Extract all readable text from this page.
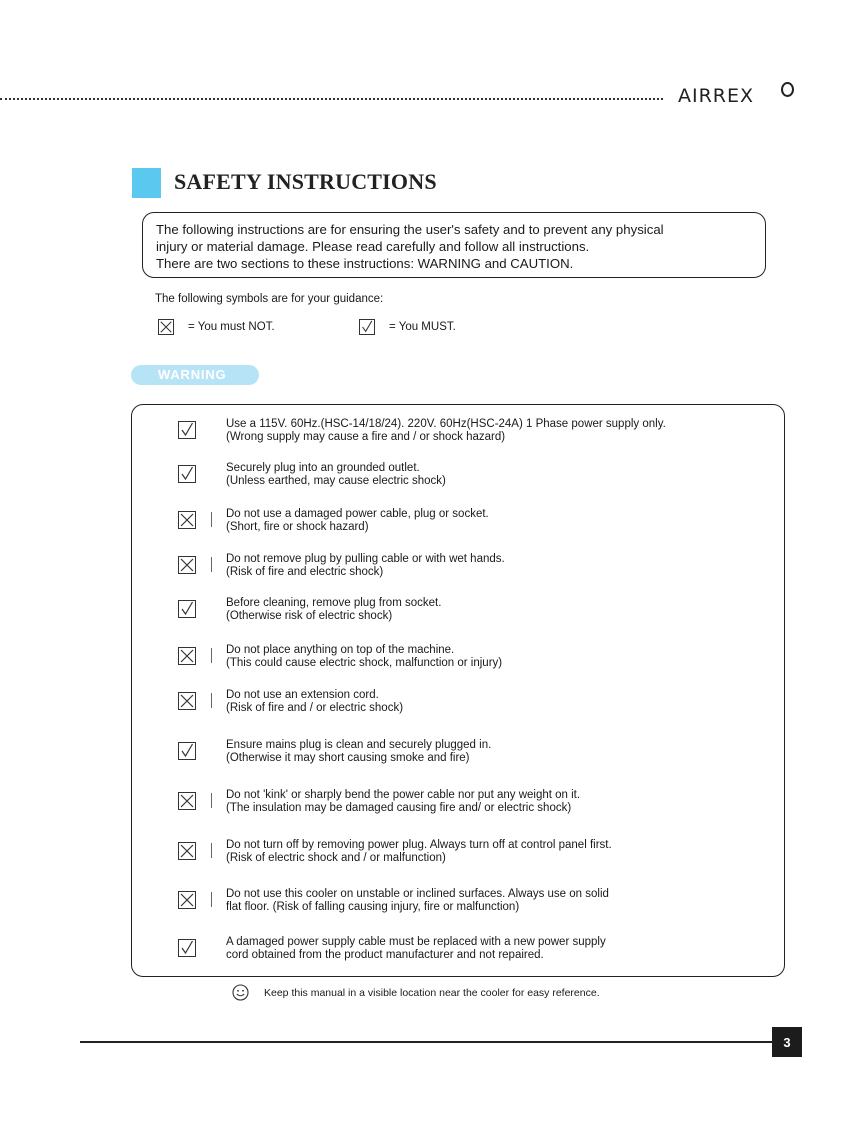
AIRREX
SAFETY INSTRUCTIONS
The following instructions are for ensuring the user's safety and to prevent any physical
injury or material damage. Please read carefully and follow all instructions.
There are two sections to these instructions: WARNING and CAUTION.
The following symbols are for your guidance:
= You must NOT.	= You MUST.
WARNING
Use a 115V. 60Hz.(HSC-14/18/24). 220V. 60Hz(HSC-24A) 1 Phase power supply only.
(Wrong supply may cause a fire and / or shock hazard)
Securely plug into an grounded outlet.
(Unless earthed, may cause electric shock)
Do not use a damaged power cable, plug or socket.
(Short, fire or shock hazard)
Do not remove plug by pulling cable or with wet hands.
(Risk of fire and electric shock)
Before cleaning, remove plug from socket.
(Otherwise risk of electric shock)
Do not place anything on top of the machine.
(This could cause electric shock, malfunction or injury)
Do not use an extension cord.
(Risk of fire and / or electric shock)
Ensure mains plug is clean and securely plugged in.
(Otherwise it may short causing smoke and fire)
Do not 'kink' or sharply bend the power cable nor put any weight on it.
(The insulation may be damaged causing fire and/ or electric shock)
Do not turn off by removing power plug. Always turn off at control panel first.
(Risk of electric shock and / or malfunction)
Do not use this cooler on unstable or inclined surfaces. Always use on solid
flat floor. (Risk of falling causing injury, fire or malfunction)
A damaged power supply cable must be replaced with a new power supply
cord obtained from the product manufacturer and not repaired.
Keep this manual in a visible location near the cooler for easy reference.
3
